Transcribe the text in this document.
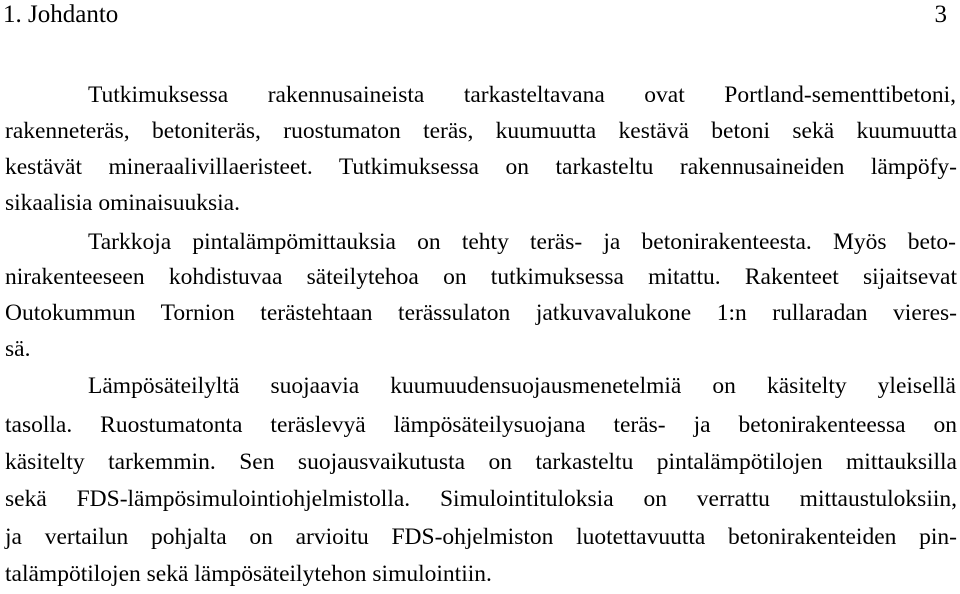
1. Johdanto	3
Tutkimuksessa rakennusaineista tarkasteltavana ovat Portland-sementtibetoni,
rakenneteräs, betoniteräs, ruostumaton teräs, kuumuutta kestävä betoni sekä kuumuutta
kestävät mineraalivillaeristeet. Tutkimuksessa on tarkasteltu rakennusaineiden lämpöfy-
sikaalisia ominaisuuksia.
Tarkkoja pintalämpömittauksia on tehty teräs- ja betonirakenteesta. Myös beto-
nirakenteeseen kohdistuvaa säteilytehoa on tutkimuksessa mitattu. Rakenteet sijaitsevat
Outokummun Tornion terästehtaan terässulaton jatkuvavalukone 1:n rullaradan vieres-
sä.
Lämpösäteilyltä suojaavia kuumuudensuojausmenetelmiä on käsitelty yleisellä
tasolla. Ruostumatonta teräslevyä lämpösäteilysuojana teräs- ja betonirakenteessa on
käsitelty tarkemmin. Sen suojausvaikutusta on tarkasteltu pintalämpötilojen mittauksilla
sekä FDS-lämpösimulointiohjelmistolla. Simulointituloksia on verrattu mittaustuloksiin,
ja vertailun pohjalta on arvioitu FDS-ohjelmiston luotettavuutta betonirakenteiden pin-
talämpötilojen sekä lämpösäteilytehon simulointiin.
